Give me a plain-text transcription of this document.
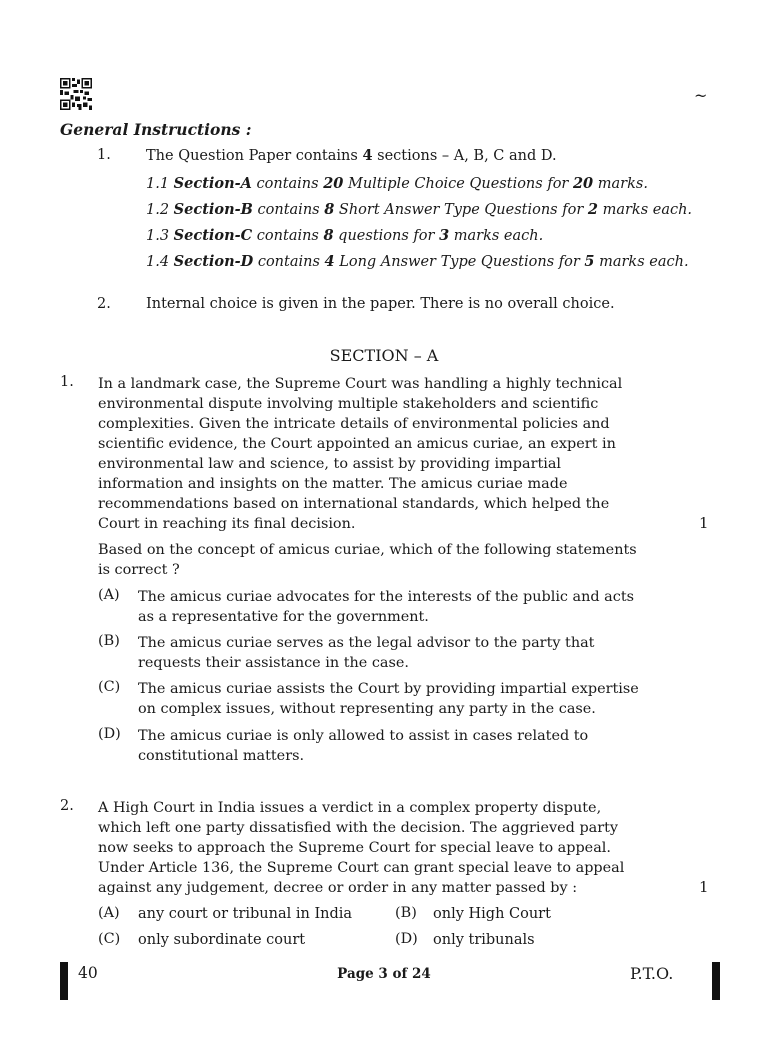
~
General Instructions :
1. The Question Paper contains 4 sections – A, B, C and D.
1.1 Section-A contains 20 Multiple Choice Questions for 20 marks.
1.2 Section-B contains 8 Short Answer Type Questions for 2 marks each.
1.3 Section-C contains 8 questions for 3 marks each.
1.4 Section-D contains 4 Long Answer Type Questions for 5 marks each.
2. Internal choice is given in the paper. There is no overall choice.
SECTION – A
1. In a landmark case, the Supreme Court was handling a highly technical
environmental dispute involving multiple stakeholders and scientific
complexities. Given the intricate details of environmental policies and
scientific evidence, the Court appointed an amicus curiae, an expert in
environmental law and science, to assist by providing impartial
information and insights on the matter. The amicus curiae made
recommendations based on international standards, which helped the
Court in reaching its final decision.	1
Based on the concept of amicus curiae, which of the following statements
is correct ?
(A) The amicus curiae advocates for the interests of the public and acts
as a representative for the government.
(B) The amicus curiae serves as the legal advisor to the party that
requests their assistance in the case.
(C) The amicus curiae assists the Court by providing impartial expertise
on complex issues, without representing any party in the case.
(D) The amicus curiae is only allowed to assist in cases related to
constitutional matters.
2. A High Court in India issues a verdict in a complex property dispute,
which left one party dissatisfied with the decision. The aggrieved party
now seeks to approach the Supreme Court for special leave to appeal.
Under Article 136, the Supreme Court can grant special leave to appeal
against any judgement, decree or order in any matter passed by :	1
(A) any court or tribunal in India	(B) only High Court
(C) only subordinate court	(D) only tribunals
40	Page 3 of 24	P.T.O.
